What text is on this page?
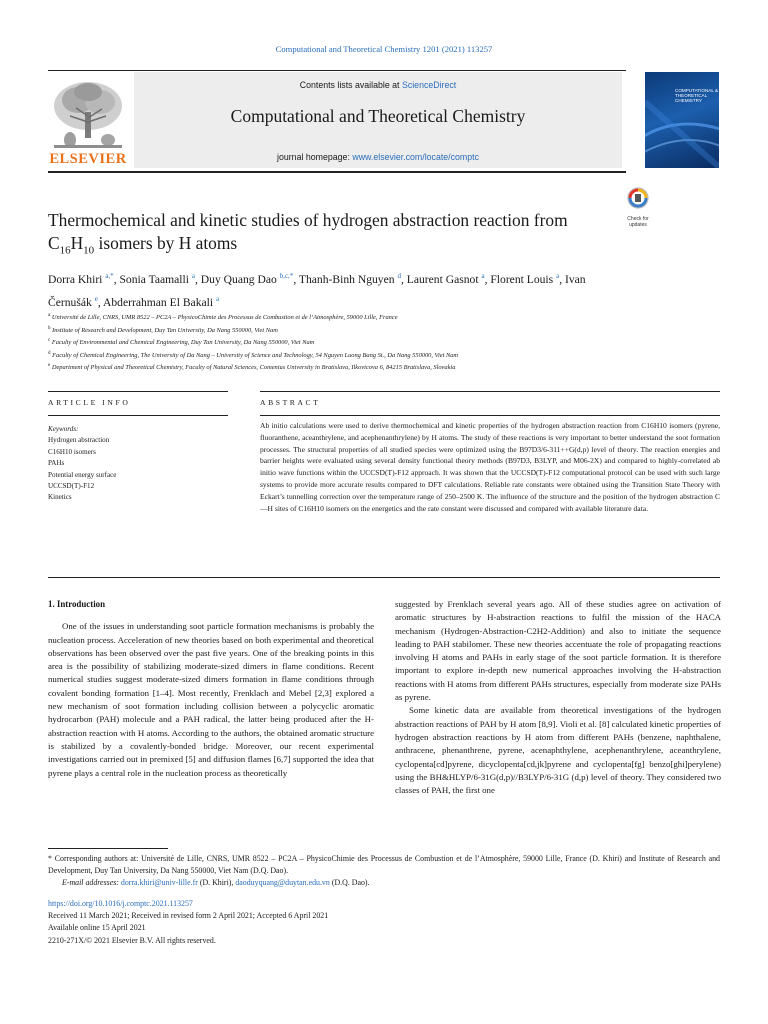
Computational and Theoretical Chemistry 1201 (2021) 113257
ELSEVIER
Contents lists available at ScienceDirect
Computational and Theoretical Chemistry
journal homepage: www.elsevier.com/locate/comptc
COMPUTATIONAL & THEORETICAL CHEMISTRY
Check for updates
Thermochemical and kinetic studies of hydrogen abstraction reaction from
$C_{16}H_{10}$ isomers by H atoms
Dorra Khiri $^{a,*}$, Sonia Taamalli $^a$, Duy Quang Dao $^{b,c,*}$, Thanh-Binh Nguyen $^d$, Laurent Gasnot $^a$, Florent Louis $^a$, Ivan Černušák $^e$, Abderrahman El Bakali $^a$
$^a$ Université de Lille, CNRS, UMR 8522 – PC2A – PhysicoChimie des Processus de Combustion et de l’Atmosphère, 59000 Lille, France
$^b$ Institute of Research and Development, Duy Tan University, Da Nang 550000, Viet Nam
$^c$ Faculty of Environmental and Chemical Engineering, Duy Tan University, Da Nang 550000, Viet Nam
$^d$ Faculty of Chemical Engineering, The University of Da Nang – University of Science and Technology, 54 Nguyen Luong Bang St., Da Nang 550000, Viet Nam
$^e$ Department of Physical and Theoretical Chemistry, Faculty of Natural Sciences, Comenius University in Bratislava, Ilkovicova 6, 84215 Bratislava, Slovakia
ARTICLE INFO	ABSTRACT
Keywords:
Hydrogen abstraction
C16H10 isomers
PAHs
Potential energy surface
UCCSD(T)-F12
Kinetics
Ab initio calculations were used to derive thermochemical and kinetic properties of the hydrogen abstraction reaction from C16H10 isomers (pyrene, fluoranthene, aceanthrylene, and acephenanthrylene) by H atoms. The study of these reactions is very important to better understand the soot formation processes. The structural properties of all studied species were optimized using the B97D3/6-311++G(d,p) level of theory. The reaction energies and barrier heights were evaluated using several density functional theory methods (B97D3, B3LYP, and M06-2X) and compared to highly-correlated ab initio wave functions within the UCCSD(T)-F12 approach. It was shown that the UCCSD(T)-F12 computational protocol can be used with such large systems to provide more accurate results compared to DFT calculations. Reliable rate constants were obtained using the Transition State Theory with Eckart’s tunnelling correction over the temperature range of 250–2500 K. The influence of the structure and the position of the hydrogen abstraction C—H sites of C16H10 isomers on the energetics and the rate constant were discussed and compared with available literature data.
1. Introduction

One of the issues in understanding soot particle formation mechanisms is probably the nucleation process. Acceleration of new theories based on both experimental and theoretical observations has been observed over the past five years. One of the breaking points in this area is the possibility of stabilizing moderate-sized dimers in flame conditions. Recent numerical studies suggest moderate-sized dimers formation in flame conditions through covalent bonding formation [1–4]. Most recently, Frenklach and Mebel [2,3] explored a new mechanism of soot formation including collision between a polycyclic aromatic hydrocarbon (PAH) molecule and a PAH radical, the latter being produced after the H- abstraction reaction with H atoms. According to the authors, the obtained aromatic structure is stabilized by a covalently-bonded bridge. Moreover, our recent experimental investigations carried out in premixed [5] and diffusion flames [6,7] supported the idea that pyrene plays a central role in the nucleation process as theoretically

suggested by Frenklach several years ago. All of these studies agree on activation of aromatic structures by H-abstraction reactions to fulfil the mission of the HACA mechanism (Hydrogen-Abstraction-C2H2-Addition) and also to initiate the sequence leading to PAH stabilomer. These new theories accentuate the role of propagating reactions involving H atoms and PAHs in early stage of the soot particle formation. It is therefore important to explore in-depth new numerical approaches involving the H-abstraction reactions with H atoms from different PAHs structures, especially from moderate size PAHs as pyrene.

Some kinetic data are available from theoretical investigations of the hydrogen abstraction reactions of PAH by H atom [8,9]. Violi et al. [8] calculated kinetic properties of hydrogen abstraction reactions by H atom from different PAHs (benzene, naphthalene, anthracene, phenanthrene, pyrene, acenaphthylene, acephenanthrylene, aceanthrylene, cyclopenta[cd]pyrene, dicyclopenta[cd,jk]pyrene and cyclopenta[fg] benzo[ghi]perylene) using the BH&HLYP/6-31G(d,p)//B3LYP/6-31G (d,p) level of theory. They considered two classes of PAH, the first one

* Corresponding authors at: Université de Lille, CNRS, UMR 8522 – PC2A – PhysicoChimie des Processus de Combustion et de l’Atmosphère, 59000 Lille, France (D. Khiri) and Institute of Research and Development, Duy Tan University, Da Nang 550000, Viet Nam (D.Q. Dao).
E-mail addresses: dorra.khiri@univ-lille.fr (D. Khiri), daoduyquang@duytan.edu.vn (D.Q. Dao).
https://doi.org/10.1016/j.comptc.2021.113257
Received 11 March 2021; Received in revised form 2 April 2021; Accepted 6 April 2021
Available online 15 April 2021
2210-271X/© 2021 Elsevier B.V. All rights reserved.
